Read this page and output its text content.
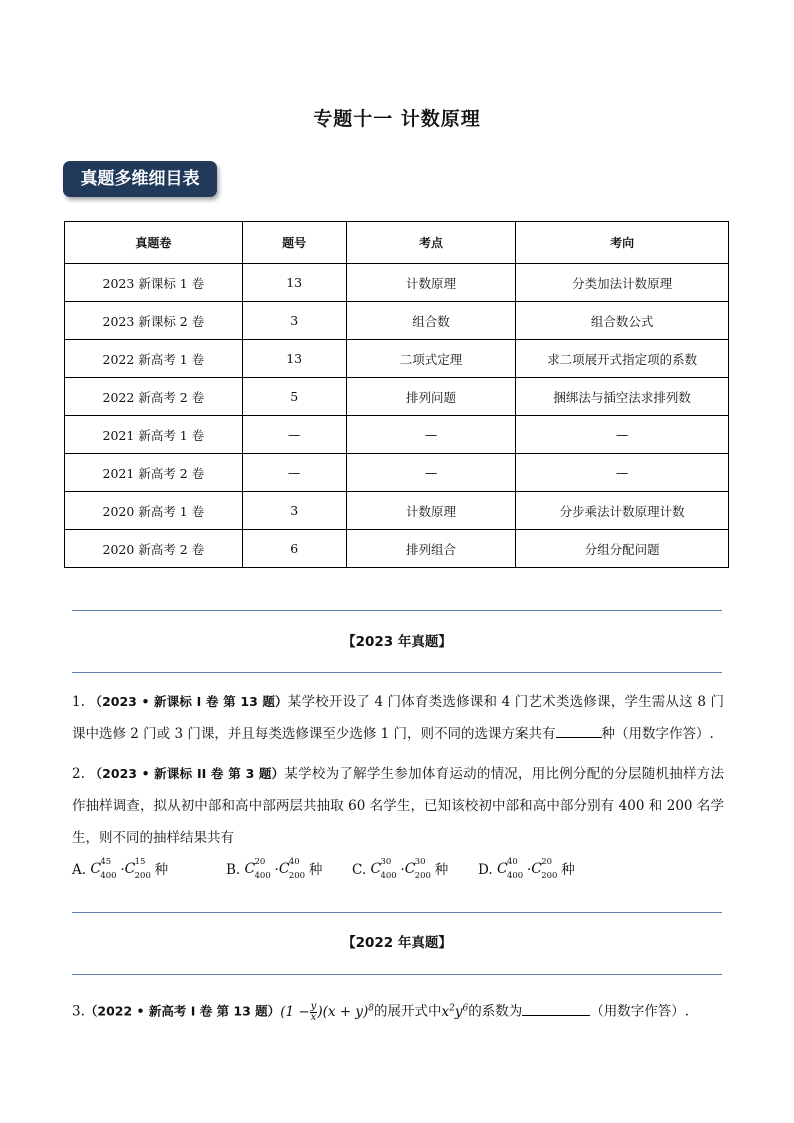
专题十一 计数原理
真题多维细目表
真题卷	题号	考点	考向
2023 新课标 1 卷	13	计数原理	分类加法计数原理
2023 新课标 2 卷	3	组合数	组合数公式
2022 新高考 1 卷	13	二项式定理	求二项展开式指定项的系数
2022 新高考 2 卷	5	排列问题	捆绑法与插空法求排列数
2021 新高考 1 卷	—	—	—
2021 新高考 2 卷	—	—	—
2020 新高考 1 卷	3	计数原理	分步乘法计数原理计数
2020 新高考 2 卷	6	排列组合	分组分配问题
【2023 年真题】
1. （2023 • 新课标 I 卷 第 13 题）某学校开设了 4 门体育类选修课和 4 门艺术类选修课，学生需从这 8 门课中选修 2 门或 3 门课，并且每类选修课至少选修 1 门，则不同的选课方案共有	种（用数字作答）.
2. （2023 • 新课标 II 卷 第 3 题）某学校为了解学生参加体育运动的情况，用比例分配的分层随机抽样方法作抽样调查，拟从初中部和高中部两层共抽取 60 名学生，已知该校初中部和高中部分别有 400 和 200 名学生，则不同的抽样结果共有
A. C 45
400 ·C 15
200 种	B. C 20
400 ·C 40
200 种 C. C 30
400 ·C 30
200 种 D. C 40
400 ·C 20
200 种
【2022 年真题】
3.（2022 • 新高考 I 卷 第 13 题）$(1 - \frac{y}{x} )(x + y)^8$的展开式中$x^2y^6$的系数为	（用数字作答）.
